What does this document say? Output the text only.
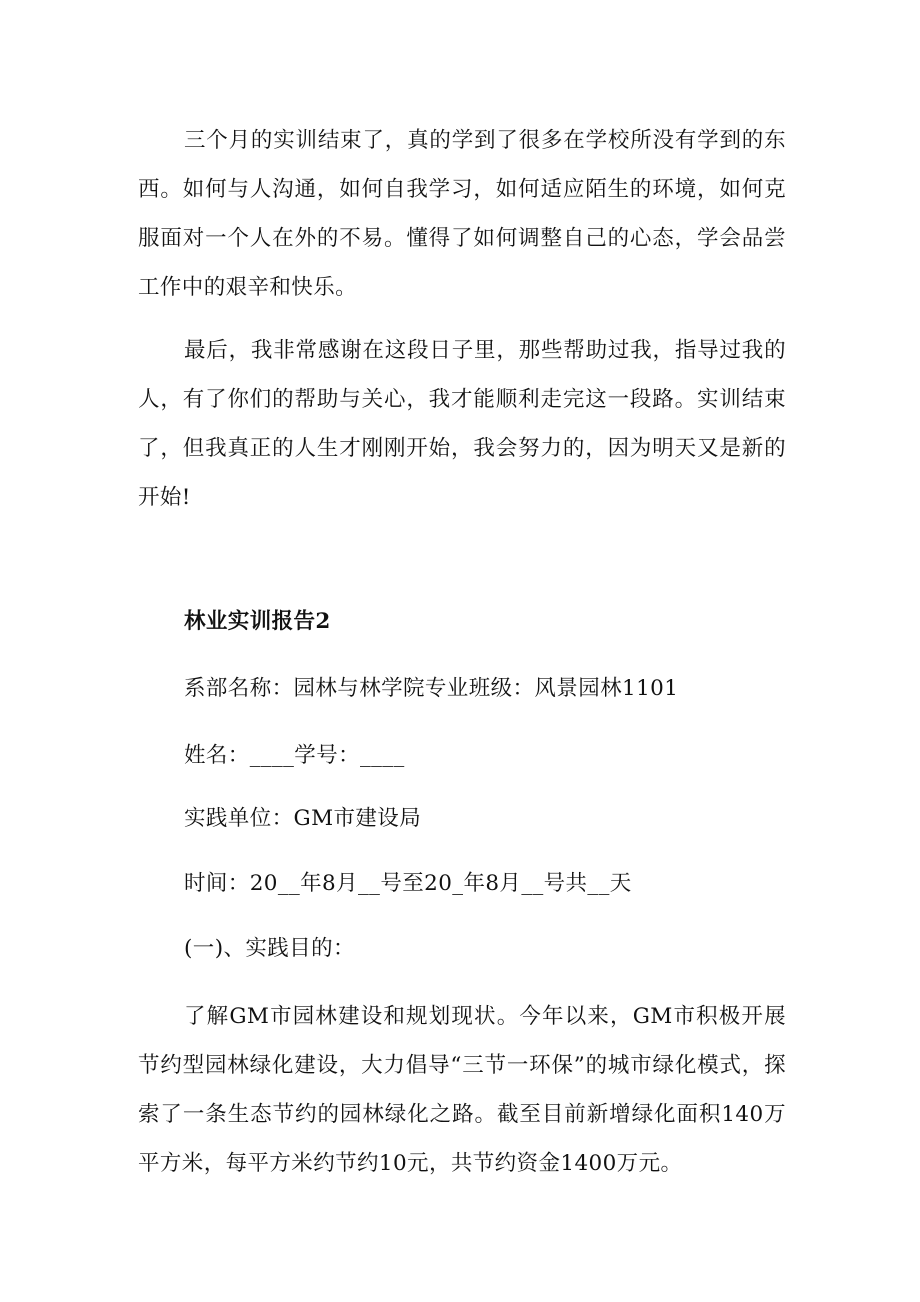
三个月的实训结束了，真的学到了很多在学校所没有学到的东西。如何与人沟通，如何自我学习，如何适应陌生的环境，如何克服面对一个人在外的不易。懂得了如何调整自己的心态，学会品尝工作中的艰辛和快乐。

最后，我非常感谢在这段日子里，那些帮助过我，指导过我的人，有了你们的帮助与关心，我才能顺利走完这一段路。实训结束了，但我真正的人生才刚刚开始，我会努力的，因为明天又是新的开始!

林业实训报告2

系部名称：园林与林学院专业班级：风景园林1101

姓名：____学号：____

实践单位：GM市建设局

时间：20__年8月__号至20_年8月__号共__天

(一)、实践目的：

了解GM市园林建设和规划现状。今年以来，GM市积极开展节约型园林绿化建设，大力倡导“三节一环保”的城市绿化模式，探索了一条生态节约的园林绿化之路。截至目前新增绿化面积140万平方米，每平方米约节约10元，共节约资金1400万元。
